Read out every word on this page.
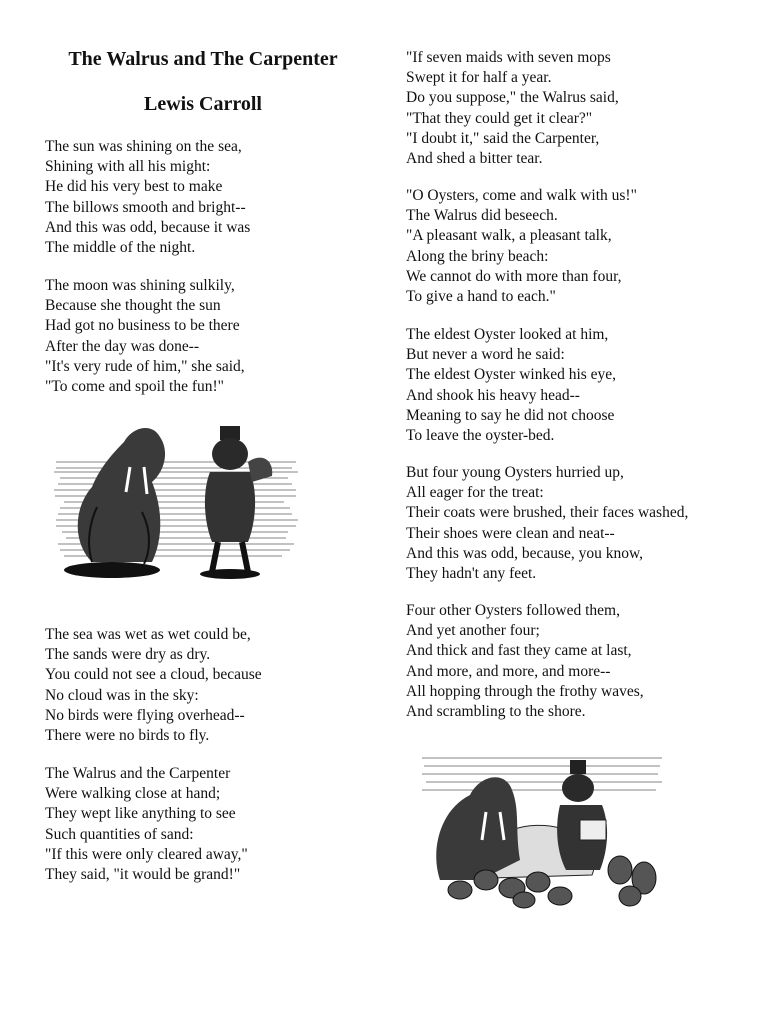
The Walrus and The Carpenter
Lewis Carroll
The sun was shining on the sea,
Shining with all his might:
He did his very best to make
The billows smooth and bright--
And this was odd, because it was
The middle of the night.
The moon was shining sulkily,
Because she thought the sun
Had got no business to be there
After the day was done--
"It's very rude of him," she said,
"To come and spoil the fun!"
The sea was wet as wet could be,
The sands were dry as dry.
You could not see a cloud, because
No cloud was in the sky:
No birds were flying overhead--
There were no birds to fly.
The Walrus and the Carpenter
Were walking close at hand;
They wept like anything to see
Such quantities of sand:
"If this were only cleared away,"
They said, "it would be grand!"
"If seven maids with seven mops
Swept it for half a year.
Do you suppose," the Walrus said,
"That they could get it clear?"
"I doubt it," said the Carpenter,
And shed a bitter tear.
"O Oysters, come and walk with us!"
The Walrus did beseech.
"A pleasant walk, a pleasant talk,
Along the briny beach:
We cannot do with more than four,
To give a hand to each."
The eldest Oyster looked at him,
But never a word he said:
The eldest Oyster winked his eye,
And shook his heavy head--
Meaning to say he did not choose
To leave the oyster-bed.
But four young Oysters hurried up,
All eager for the treat:
Their coats were brushed, their faces washed,
Their shoes were clean and neat--
And this was odd, because, you know,
They hadn't any feet.
Four other Oysters followed them,
And yet another four;
And thick and fast they came at last,
And more, and more, and more--
All hopping through the frothy waves,
And scrambling to the shore.
